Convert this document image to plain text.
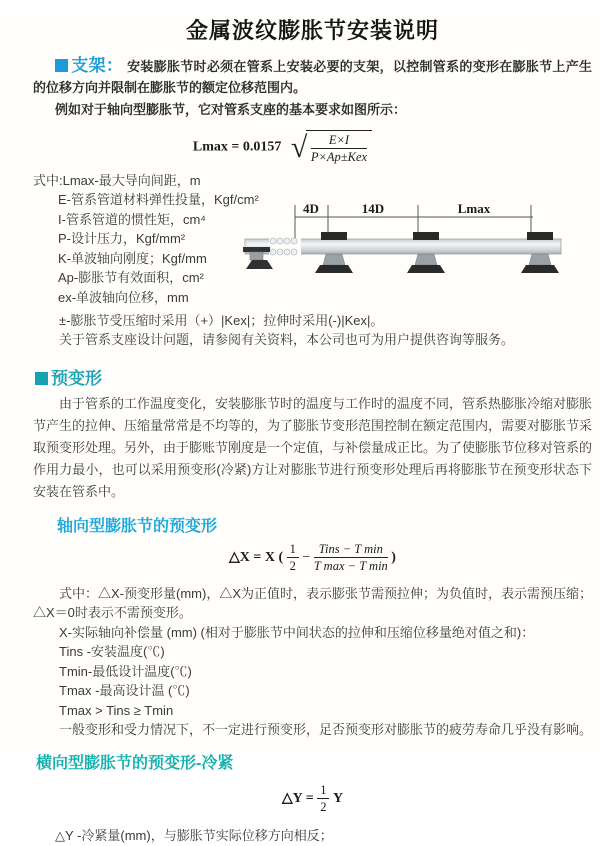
金属波纹膨胀节安装说明

支架： 安装膨胀节时必须在管系上安装必要的支架，以控制管系的变形在膨胀节上产生的位移方向并限制在膨胀节的额定位移范围内。

例如对于轴向型膨胀节，它对管系支座的基本要求如图所示：

Lmax = 0.0157 √ $\frac{E\times I}{\text{P×Ap±Kex}}$

式中:Lmax-最大导向间距，m

E-管系管道材料弹性投量，Kgf/cm²

I-管系管道的惯性矩，cm⁴

P-设计压力，Kgf/mm²

K-单波轴向刚度；Kgf/mm

Ap-膨胀节有效面积，cm²

ex-单波轴向位移，mm

4D	14D	Lmax

±-膨胀节受压缩时采用（+）|Kex|；拉伸时采用(-)|Kex|。

关于管系支座设计问题，请参阅有关资料，本公司也可为用户提供咨询等服务。

预变形

由于管系的工作温度变化，安装膨胀节时的温度与工作时的温度不同，管系热膨胀冷缩对膨胀节产生的拉伸、压缩量常常是不均等的，为了膨胀节变形范围控制在额定范围内，需要对膨胀节采取预变形处理。另外，由于膨账节刚度是一个定值，与补偿量成正比。为了使膨胀节位移对管系的作用力最小，也可以采用预变形(冷紧)方让对膨胀节进行预变形处理后再将膨胀节在预变形状态下安装在管系中。

轴向型膨胀节的预变形
△X = X ( $\frac{1}{2} - \frac{\text{Tins − T min}}{\text{T max − T min}}$ )

式中：△X-预变形量(mm)，△X为正值时，表示膨张节需预拉伸；为负值时，表示需预压缩；△X＝0时表示不需预变形。

X-实际轴向补偿量 (mm) (相对于膨胀节中间状态的拉伸和压缩位移量绝对值之和)：

Tins -安装温度(℃)

Tmin-最低设计温度(℃)

Tmax -最高设计温 (℃)

Tmax > Tins ≥ Tmin

一般变形和受力情况下，不一定进行预变形，足否预变形对膨胀节的疲劳寿命几乎没有影响。

横向型膨胀节的预变形-冷紧
△Y = $\frac{1}{2}$ Y

△Y -冷紧量(mm)，与膨胀节实际位移方向相反；
